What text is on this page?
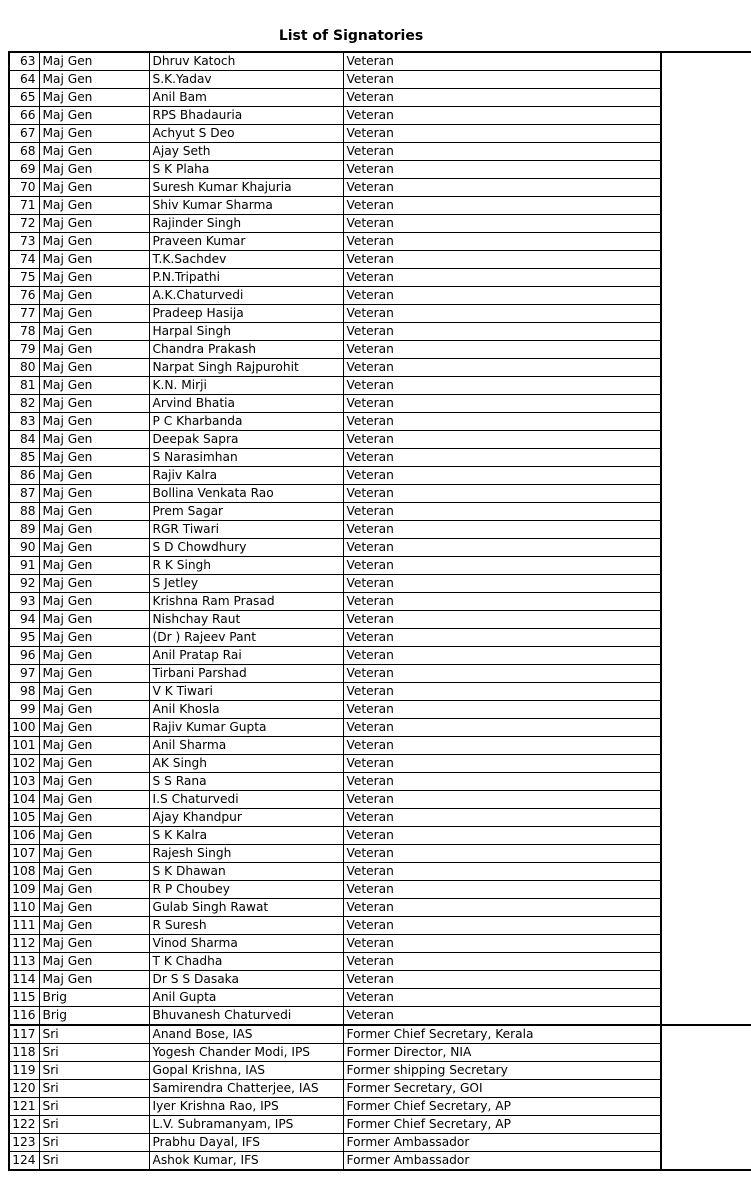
List of Signatories
63	Maj Gen	Dhruv Katoch	Veteran	
64	Maj Gen	S.K.Yadav	Veteran	
65	Maj Gen	Anil Bam	Veteran	
66	Maj Gen	RPS Bhadauria	Veteran	
67	Maj Gen	Achyut S Deo	Veteran	
68	Maj Gen	Ajay Seth	Veteran	
69	Maj Gen	S K Plaha	Veteran	
70	Maj Gen	Suresh Kumar Khajuria	Veteran	
71	Maj Gen	Shiv Kumar Sharma	Veteran	
72	Maj Gen	Rajinder Singh	Veteran	
73	Maj Gen	Praveen Kumar	Veteran	
74	Maj Gen	T.K.Sachdev	Veteran	
75	Maj Gen	P.N.Tripathi	Veteran	
76	Maj Gen	A.K.Chaturvedi	Veteran	
77	Maj Gen	Pradeep Hasija	Veteran	
78	Maj Gen	Harpal Singh	Veteran	
79	Maj Gen	Chandra Prakash	Veteran	
80	Maj Gen	Narpat Singh Rajpurohit	Veteran	
81	Maj Gen	K.N. Mirji	Veteran	
82	Maj Gen	Arvind Bhatia	Veteran	
83	Maj Gen	P C Kharbanda	Veteran	
84	Maj Gen	Deepak Sapra	Veteran	
85	Maj Gen	S Narasimhan	Veteran	
86	Maj Gen	Rajiv Kalra	Veteran	
87	Maj Gen	Bollina Venkata Rao	Veteran	
88	Maj Gen	Prem Sagar	Veteran	
89	Maj Gen	RGR Tiwari	Veteran	
90	Maj Gen	S D Chowdhury	Veteran	
91	Maj Gen	R K Singh	Veteran	
92	Maj Gen	S Jetley	Veteran	
93	Maj Gen	Krishna Ram Prasad	Veteran	
94	Maj Gen	Nishchay Raut	Veteran	
95	Maj Gen	(Dr ) Rajeev Pant	Veteran	
96	Maj Gen	Anil Pratap Rai	Veteran	
97	Maj Gen	Tirbani Parshad	Veteran	
98	Maj Gen	V K Tiwari	Veteran	
99	Maj Gen	Anil Khosla	Veteran	
100	Maj Gen	Rajiv Kumar Gupta	Veteran	
101	Maj Gen	Anil Sharma	Veteran	
102	Maj Gen	AK Singh	Veteran	
103	Maj Gen	S S Rana	Veteran	
104	Maj Gen	I.S Chaturvedi	Veteran	
105	Maj Gen	Ajay Khandpur	Veteran	
106	Maj Gen	S K Kalra	Veteran	
107	Maj Gen	Rajesh Singh	Veteran	
108	Maj Gen	S K Dhawan	Veteran	
109	Maj Gen	R P Choubey	Veteran	
110	Maj Gen	Gulab Singh Rawat	Veteran	
111	Maj Gen	R Suresh	Veteran	
112	Maj Gen	Vinod Sharma	Veteran	
113	Maj Gen	T K Chadha	Veteran	
114	Maj Gen	Dr S S Dasaka	Veteran	
115	Brig	Anil Gupta	Veteran	
116	Brig	Bhuvanesh Chaturvedi	Veteran	
117	Sri	Anand Bose, IAS	Former Chief Secretary, Kerala	
118	Sri	Yogesh Chander Modi, IPS	Former Director, NIA	
119	Sri	Gopal Krishna, IAS	Former shipping Secretary	
120	Sri	Samirendra Chatterjee, IAS	Former Secretary, GOI	
121	Sri	Iyer Krishna Rao, IPS	Former Chief Secretary, AP	
122	Sri	L.V. Subramanyam, IPS	Former Chief Secretary, AP	
123	Sri	Prabhu Dayal, IFS	Former Ambassador	
124	Sri	Ashok Kumar, IFS	Former Ambassador	
